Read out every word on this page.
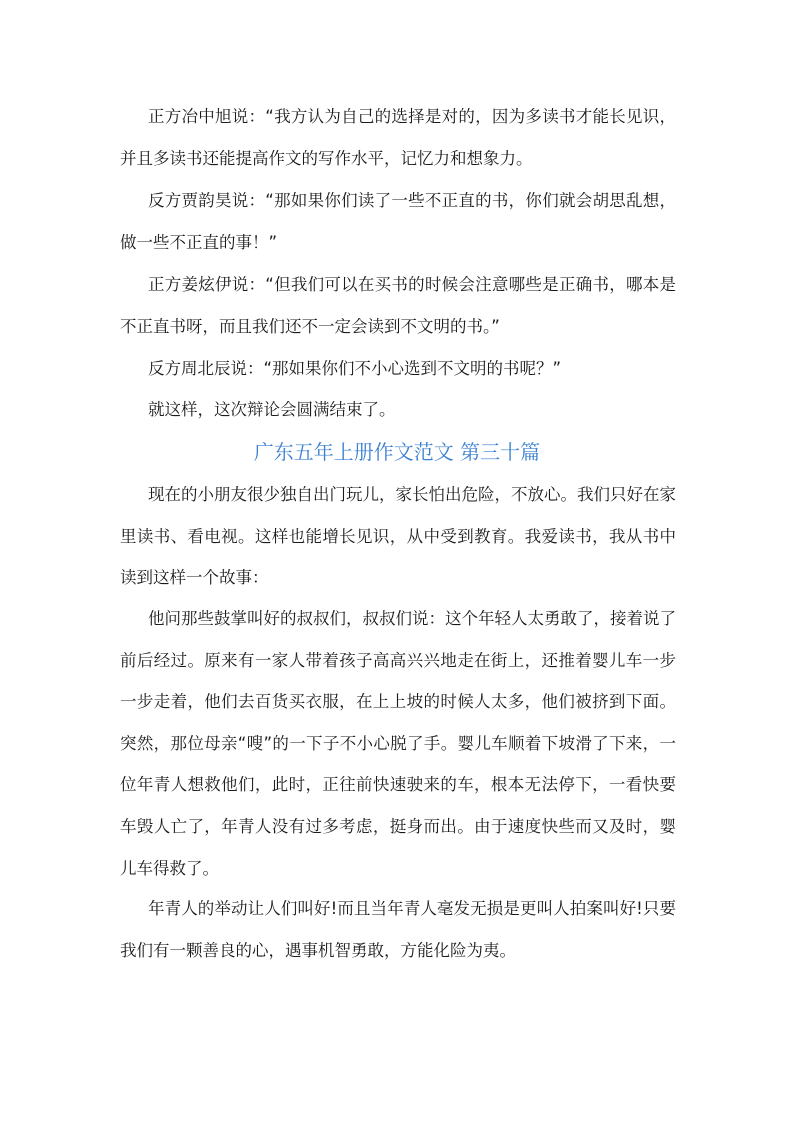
正方冶中旭说：“我方认为自己的选择是对的，因为多读书才能长见识，并且多读书还能提高作文的写作水平，记忆力和想象力。

反方贾韵昊说：“那如果你们读了一些不正直的书，你们就会胡思乱想，做一些不正直的事！”

正方姜炫伊说：“但我们可以在买书的时候会注意哪些是正确书，哪本是不正直书呀，而且我们还不一定会读到不文明的书。”

反方周北辰说：“那如果你们不小心选到不文明的书呢？”

就这样，这次辩论会圆满结束了。

广东五年上册作文范文 第三十篇

现在的小朋友很少独自出门玩儿，家长怕出危险，不放心。我们只好在家里读书、看电视。这样也能增长见识，从中受到教育。我爱读书，我从书中读到这样一个故事：

他问那些鼓掌叫好的叔叔们，叔叔们说：这个年轻人太勇敢了，接着说了前后经过。原来有一家人带着孩子高高兴兴地走在街上，还推着婴儿车一步一步走着，他们去百货买衣服，在上上坡的时候人太多，他们被挤到下面。突然，那位母亲“嗖”的一下子不小心脱了手。婴儿车顺着下坡滑了下来，一位年青人想救他们，此时，正往前快速驶来的车，根本无法停下，一看快要车毁人亡了，年青人没有过多考虑，挺身而出。由于速度快些而又及时，婴儿车得救了。

年青人的举动让人们叫好!而且当年青人毫发无损是更叫人拍案叫好!只要我们有一颗善良的心，遇事机智勇敢，方能化险为夷。
